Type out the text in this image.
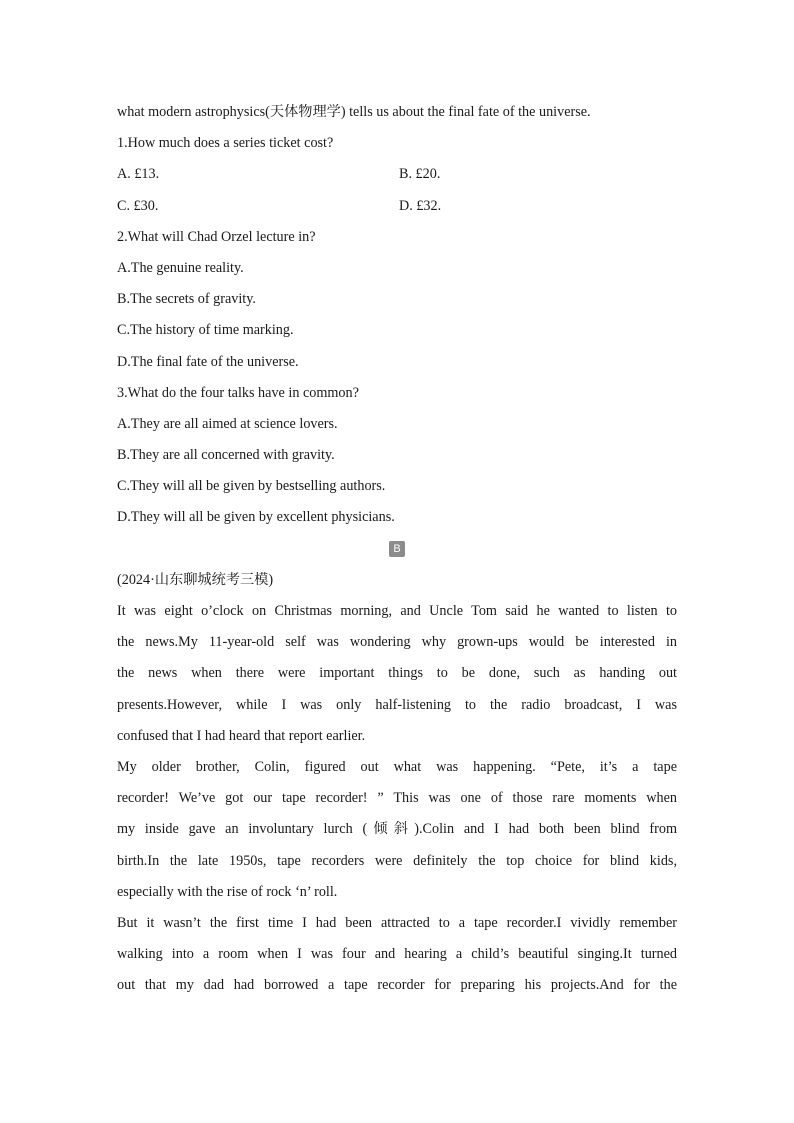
what modern astrophysics(天体物理学) tells us about the final fate of the universe.
1.How much does a series ticket cost?
A. £13.	B. £20.
C. £30.	D. £32.
2.What will Chad Orzel lecture in?
A.The genuine reality.
B.The secrets of gravity.
C.The history of time marking.
D.The final fate of the universe.
3.What do the four talks have in common?
A.They are all aimed at science lovers.
B.They are all concerned with gravity.
C.They will all be given by bestselling authors.
D.They will all be given by excellent physicians.
B
(2024·山东聊城统考三模)
It was eight o’clock on Christmas morning, and Uncle Tom said he wanted to listen to
the news.My 11-year-old self was wondering why grown-ups would be interested in
the news when there were important things to be done, such as handing out
presents.However, while I was only half-listening to the radio broadcast, I was
confused that I had heard that report earlier.
My older brother, Colin, figured out what was happening. “Pete, it’s a tape
recorder! We’ve got our tape recorder! ” This was one of those rare moments when
my inside gave an involuntary lurch (倾斜).Colin and I had both been blind from
birth.In the late 1950s, tape recorders were definitely the top choice for blind kids,
especially with the rise of rock ‘n’ roll.
But it wasn’t the first time I had been attracted to a tape recorder.I vividly remember
walking into a room when I was four and hearing a child’s beautiful singing.It turned
out that my dad had borrowed a tape recorder for preparing his projects.And for the
